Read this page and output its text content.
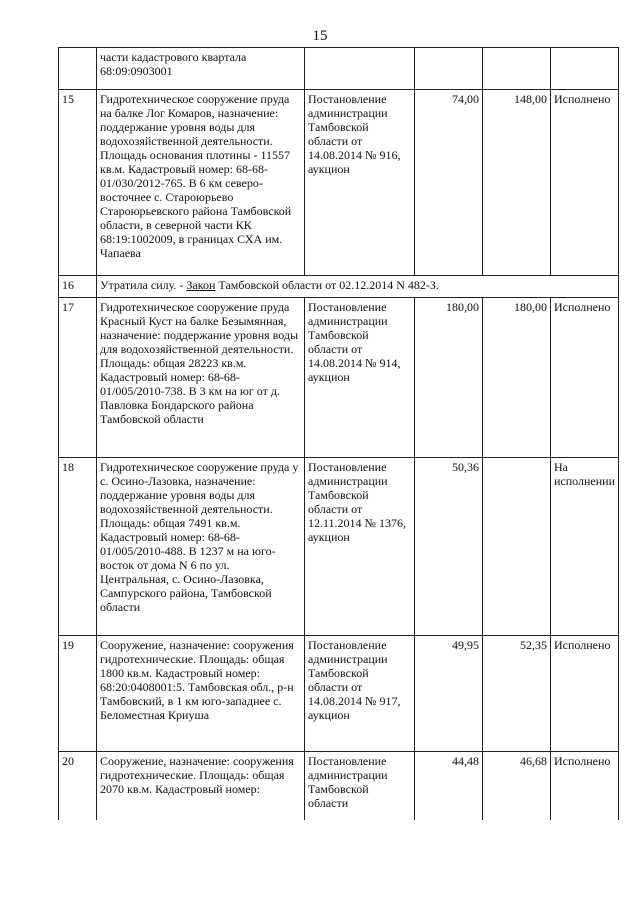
15
	части кадастрового квартала 68:09:0903001				
15	Гидротехническое сооружение пруда на балке Лог Комаров, назначение: поддержание уровня воды для водохозяйственной деятельности. Площадь основания плотины - 11557 кв.м. Кадастровый номер: 68-68-01/030/2012-765. В 6 км северо-восточнее с. Староюрьево Староюрьевского района Тамбовской области, в северной части КК 68:19:1002009, в границах СХА им. Чапаева	Постановление администрации Тамбовской области от 14.08.2014 № 916, аукцион	74,00	148,00	Исполнено
16	Утратила силу. - Закон Тамбовской области от 02.12.2014 N 482-З.				
17	Гидротехническое сооружение пруда Красный Куст на балке Безымянная, назначение: поддержание уровня воды для водохозяйственной деятельности. Площадь: общая 28223 кв.м. Кадастровый номер: 68-68-01/005/2010-738. В 3 км на юг от д. Павловка Бондарского района Тамбовской области	Постановление администрации Тамбовской области от 14.08.2014 № 914, аукцион	180,00	180,00	Исполнено
18	Гидротехническое сооружение пруда у с. Осино-Лазовка, назначение: поддержание уровня воды для водохозяйственной деятельности. Площадь: общая 7491 кв.м. Кадастровый номер: 68-68-01/005/2010-488. В 1237 м на юго-восток от дома N 6 по ул. Центральная, с. Осино-Лазовка, Сампурского района, Тамбовской области	Постановление администрации Тамбовской области от 12.11.2014 № 1376, аукцион	50,36		На исполнении
19	Сооружение, назначение: сооружения гидротехнические. Площадь: общая 1800 кв.м. Кадастровый номер: 68:20:0408001:5. Тамбовская обл., р-н Тамбовский, в 1 км юго-западнее с. Беломестная Криуша	Постановление администрации Тамбовской области от 14.08.2014 № 917, аукцион	49,95	52,35	Исполнено
20	Сооружение, назначение: сооружения гидротехнические. Площадь: общая 2070 кв.м. Кадастровый номер:	Постановление администрации Тамбовской области	44,48	46,68	Исполнено
